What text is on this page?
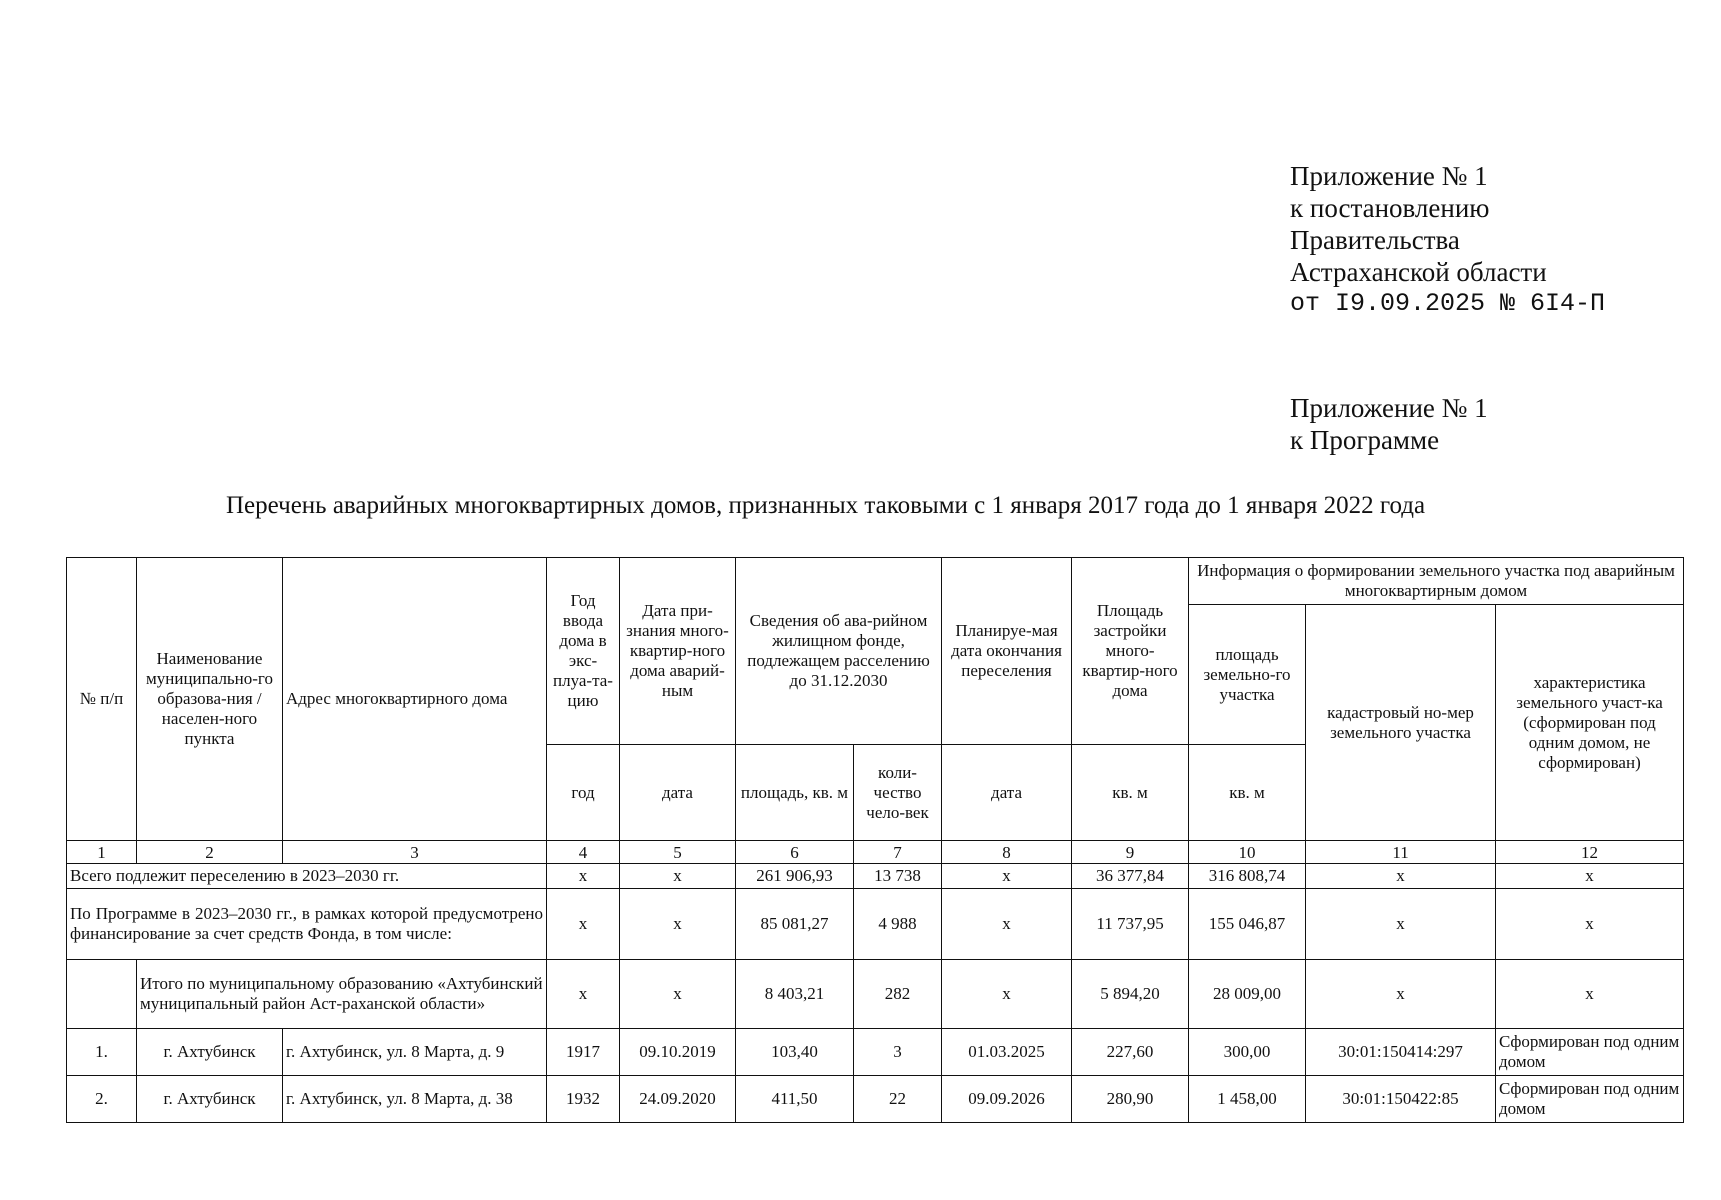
Приложение № 1
к постановлению
Правительства
Астраханской области
от I9.09.2025 № 6I4-П
Приложение № 1
к Программе
Перечень аварийных многоквартирных домов, признанных таковыми с 1 января 2017 года до 1 января 2022 года
№ п/п	Наименование муниципально-го образова-ния / населен-ного пункта	Адрес многоквартирного дома	Год ввода дома в экс-плуа-та-цию	Дата при-знания много-квартир-ного дома аварий-ным	Сведения об ава-рийном жилищном фонде, подлежащем расселению до 31.12.2030		Планируе-мая дата окончания переселения	Площадь застройки много-квартир-ного дома	Информация о формировании земельного участка под аварийным многоквартирным домом		
									площадь земельно-го участка	кадастровый но-мер земельного участка	характеристика земельного участ-ка (сформирован под одним домом, не сформирован)
			год	дата	площадь, кв. м	коли-чество чело-век	дата	кв. м	кв. м		
1	2	3	4	5	6	7	8	9	10	11	12
Всего подлежит переселению в 2023–2030 гг.			х	х	261 906,93	13 738	х	36 377,84	316 808,74	х	х
По Программе в 2023–2030 гг., в рамках которой предусмотрено финансирование за счет средств Фонда, в том числе:			х	х	85 081,27	4 988	х	11 737,95	155 046,87	х	х
	Итого по муниципальному образованию «Ахтубинский муниципальный район Аст-раханской области»		х	х	8 403,21	282	х	5 894,20	28 009,00	х	х
1.	г. Ахтубинск	г. Ахтубинск, ул. 8 Марта, д. 9	1917	09.10.2019	103,40	3	01.03.2025	227,60	300,00	30:01:150414:297	Сформирован под одним домом
2.	г. Ахтубинск	г. Ахтубинск, ул. 8 Марта, д. 38	1932	24.09.2020	411,50	22	09.09.2026	280,90	1 458,00	30:01:150422:85	Сформирован под одним домом
